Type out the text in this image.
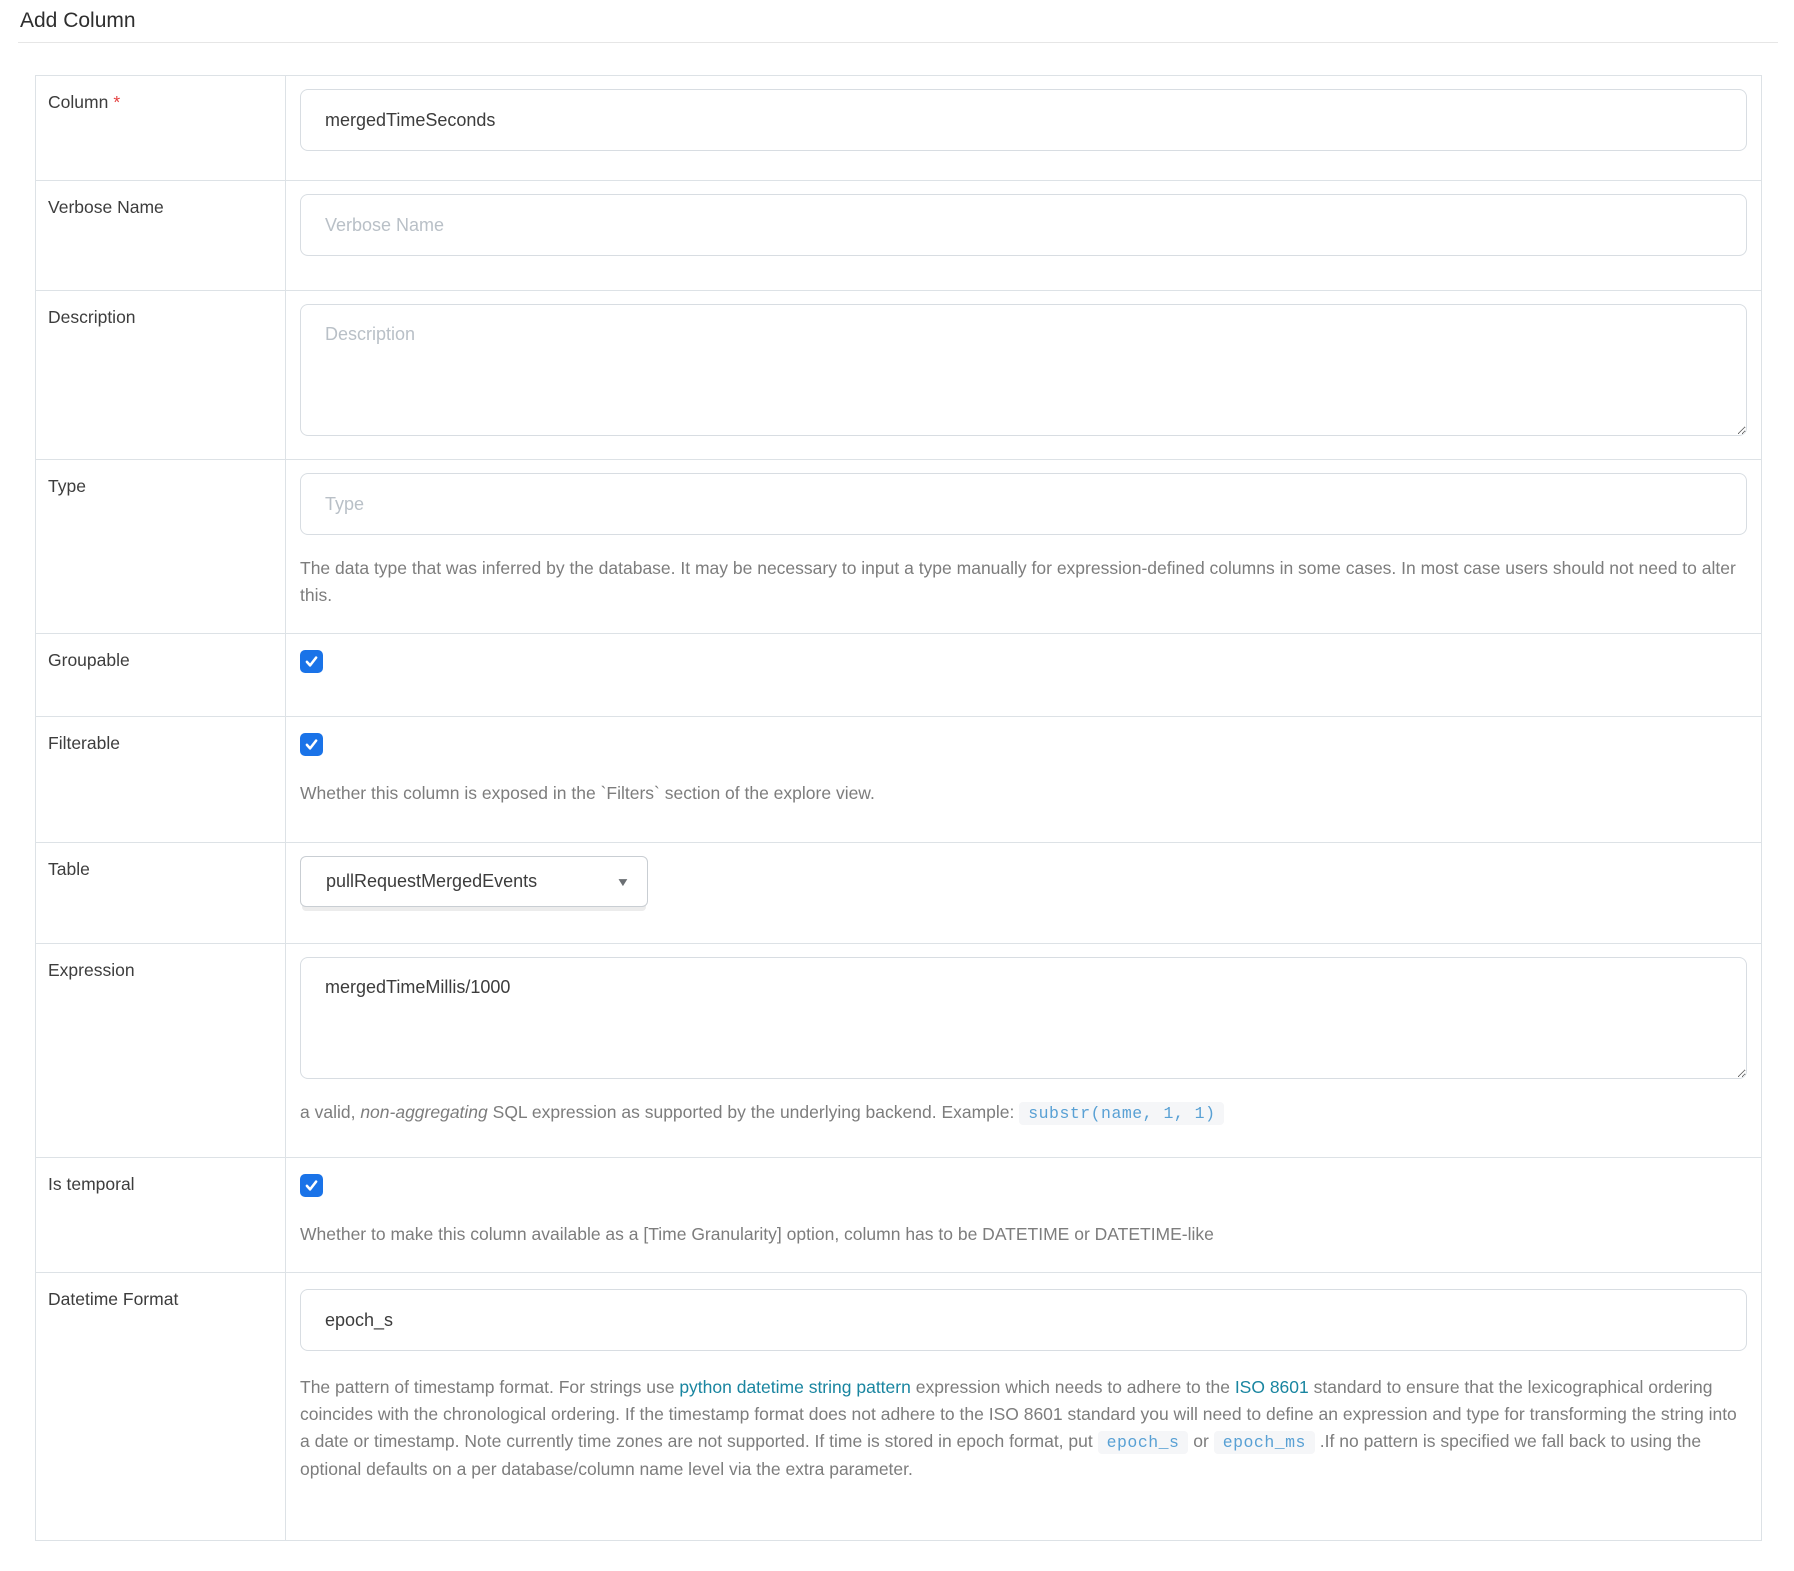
Add Column
Column *
mergedTimeSeconds
Verbose Name
Verbose Name
Description
Description
Type
Type
The data type that was inferred by the database. It may be necessary to input a type manually for expression-defined columns in some cases. In most case users should not need to alter this.
Groupable
Filterable
Whether this column is exposed in the `Filters` section of the explore view.
Table
pullRequestMergedEvents	▼
Expression
mergedTimeMillis/1000
a valid, non-aggregating SQL expression as supported by the underlying backend. Example: substr(name, 1, 1)
Is temporal
Whether to make this column available as a [Time Granularity] option, column has to be DATETIME or DATETIME-like
Datetime Format
epoch_s
The pattern of timestamp format. For strings use python datetime string pattern expression which needs to adhere to the ISO 8601 standard to ensure that the lexicographical ordering coincides with the chronological ordering. If the timestamp format does not adhere to the ISO 8601 standard you will need to define an expression and type for transforming the string into a date or timestamp. Note currently time zones are not supported. If time is stored in epoch format, put epoch_s or epoch_ms .If no pattern is specified we fall back to using the optional defaults on a per database/column name level via the extra parameter.
